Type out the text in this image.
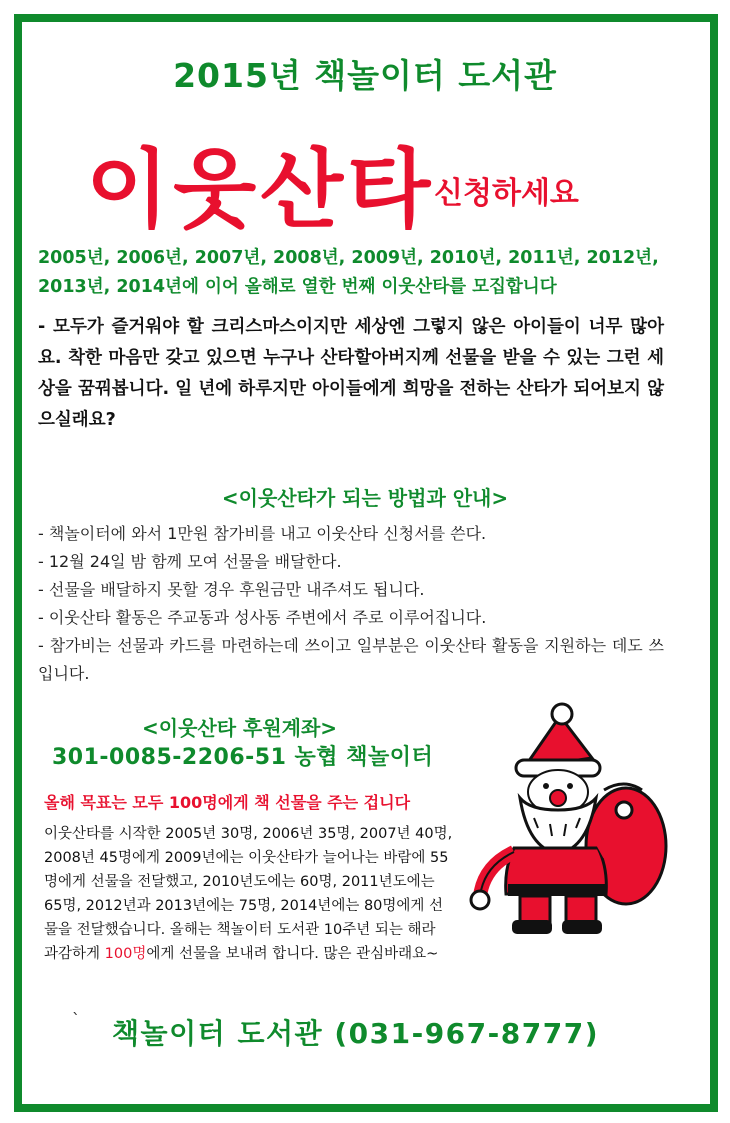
2015년 책놀이터 도서관
이웃산타 신청하세요
2005년, 2006년, 2007년, 2008년, 2009년, 2010년, 2011년, 2012년,
2013년, 2014년에 이어 올해로 열한 번째 이웃산타를 모집합니다
- 모두가 즐거워야 할 크리스마스이지만 세상엔 그렇지 않은 아이들이 너무 많아요. 착한 마음만 갖고 있으면 누구나 산타할아버지께 선물을 받을 수 있는 그런 세상을 꿈꿔봅니다. 일 년에 하루지만 아이들에게 희망을 전하는 산타가 되어보지 않으실래요?
<이웃산타가 되는 방법과 안내>
- 책놀이터에 와서 1만원 참가비를 내고 이웃산타 신청서를 쓴다.
- 12월 24일 밤 함께 모여 선물을 배달한다.
- 선물을 배달하지 못할 경우 후원금만 내주셔도 됩니다.
- 이웃산타 활동은 주교동과 성사동 주변에서 주로 이루어집니다.
- 참가비는 선물과 카드를 마련하는데 쓰이고 일부분은 이웃산타 활동을 지원하는 데도 쓰입니다.
<이웃산타 후원계좌>
301-0085-2206-51 농협 책놀이터
올해 목표는 모두 100명에게 책 선물을 주는 겁니다
이웃산타를 시작한 2005년 30명, 2006년 35명, 2007년 40명, 2008년 45명에게 2009년에는 이웃산타가 늘어나는 바람에 55명에게 선물을 전달했고, 2010년도에는 60명, 2011년도에는 65명, 2012년과 2013년에는 75명, 2014년에는 80명에게 선물을 전달했습니다. 올해는 책놀이터 도서관 10주년 되는 해라 과감하게 100명에게 선물을 보내려 합니다. 많은 관심바래요~
` 책놀이터 도서관 (031-967-8777)
